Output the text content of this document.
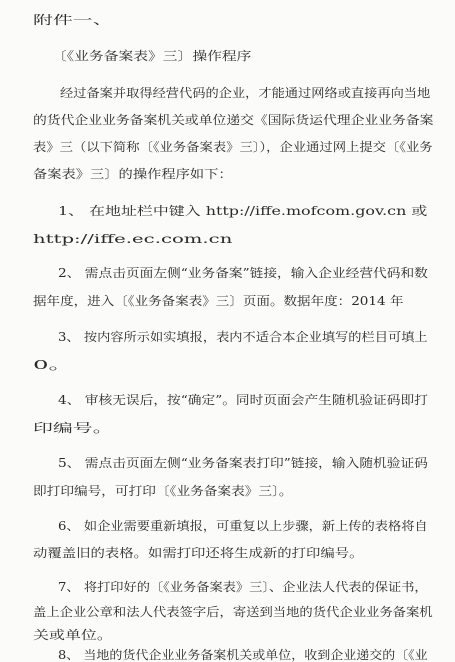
附件一、
〔《业务备案表》三〕操作程序
经过备案并取得经营代码的企业，才能通过网络或直接再向当地
的货代企业业务备案机关或单位递交《国际货运代理企业业务备案
表》三（以下简称〔《业务备案表》三〕），企业通过网上提交〔《业务
备案表》三〕的操作程序如下：
1、 在地址栏中键入 http://iffe.mofcom.gov.cn 或
http://iffe.ec.com.cn
2、 需点击页面左侧“业务备案”链接，输入企业经营代码和数
据年度，进入〔《业务备案表》三〕页面。数据年度：2014 年
3、 按内容所示如实填报，表内不适合本企业填写的栏目可填上
0。
4、 审核无误后，按“确定”。同时页面会产生随机验证码即打
印编号。
5、 需点击页面左侧“业务备案表打印”链接，输入随机验证码
即打印编号，可打印〔《业务备案表》三〕。
6、 如企业需要重新填报，可重复以上步骤，新上传的表格将自
动覆盖旧的表格。如需打印还将生成新的打印编号。
7、 将打印好的〔《业务备案表》三〕、企业法人代表的保证书，
盖上企业公章和法人代表签字后，寄送到当地的货代企业业务备案机
关或单位。
8、 当地的货代企业业务备案机关或单位，收到企业递交的〔《业
